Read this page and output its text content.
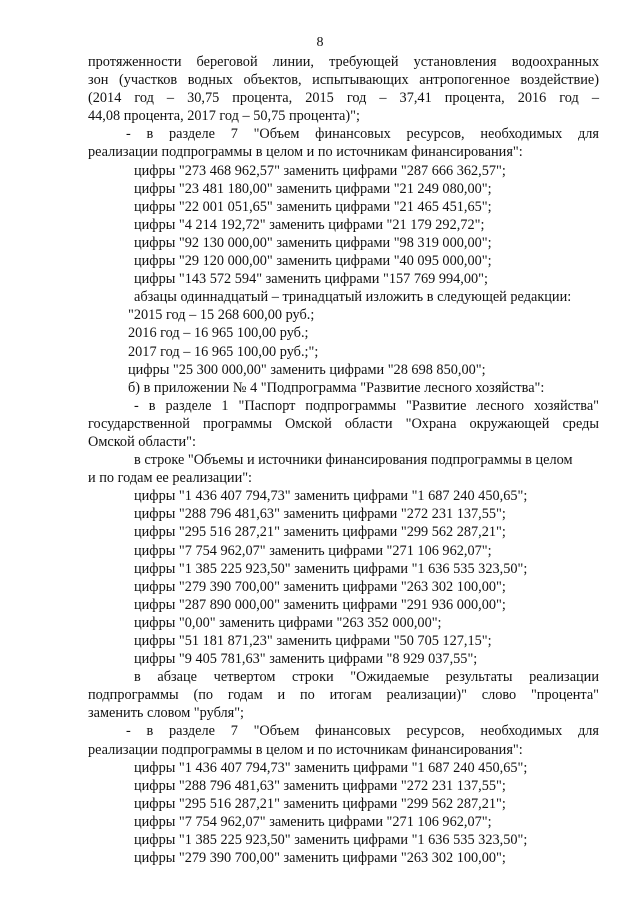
8
протяженности береговой линии, требующей установления водоохранных
зон (участков водных объектов, испытывающих антропогенное воздействие)
(2014 год – 30,75 процента, 2015 год – 37,41 процента, 2016 год –
44,08 процента, 2017 год – 50,75 процента)";
- в разделе 7 "Объем финансовых ресурсов, необходимых для
реализации подпрограммы в целом и по источникам финансирования":
цифры "273 468 962,57" заменить цифрами "287 666 362,57";
цифры "23 481 180,00" заменить цифрами "21 249 080,00";
цифры "22 001 051,65" заменить цифрами "21 465 451,65";
цифры "4 214 192,72" заменить цифрами "21 179 292,72";
цифры "92 130 000,00" заменить цифрами "98 319 000,00";
цифры "29 120 000,00" заменить цифрами "40 095 000,00";
цифры "143 572 594" заменить цифрами "157 769 994,00";
абзацы одиннадцатый – тринадцатый изложить в следующей редакции:
"2015 год – 15 268 600,00 руб.;
2016 год – 16 965 100,00 руб.;
2017 год – 16 965 100,00 руб.;";
цифры "25 300 000,00" заменить цифрами "28 698 850,00";
б) в приложении № 4 "Подпрограмма "Развитие лесного хозяйства":
- в разделе 1 "Паспорт подпрограммы "Развитие лесного хозяйства"
государственной программы Омской области "Охрана окружающей среды
Омской области":
в строке "Объемы и источники финансирования подпрограммы в целом
и по годам ее реализации":
цифры "1 436 407 794,73" заменить цифрами "1 687 240 450,65";
цифры "288 796 481,63" заменить цифрами "272 231 137,55";
цифры "295 516 287,21" заменить цифрами "299 562 287,21";
цифры "7 754 962,07" заменить цифрами "271 106 962,07";
цифры "1 385 225 923,50" заменить цифрами "1 636 535 323,50";
цифры "279 390 700,00" заменить цифрами "263 302 100,00";
цифры "287 890 000,00" заменить цифрами "291 936 000,00";
цифры "0,00" заменить цифрами "263 352 000,00";
цифры "51 181 871,23" заменить цифрами "50 705 127,15";
цифры "9 405 781,63" заменить цифрами "8 929 037,55";
в абзаце четвертом строки "Ожидаемые результаты реализации
подпрограммы (по годам и по итогам реализации)" слово "процента"
заменить словом "рубля";
- в разделе 7 "Объем финансовых ресурсов, необходимых для
реализации подпрограммы в целом и по источникам финансирования":
цифры "1 436 407 794,73" заменить цифрами "1 687 240 450,65";
цифры "288 796 481,63" заменить цифрами "272 231 137,55";
цифры "295 516 287,21" заменить цифрами "299 562 287,21";
цифры "7 754 962,07" заменить цифрами "271 106 962,07";
цифры "1 385 225 923,50" заменить цифрами "1 636 535 323,50";
цифры "279 390 700,00" заменить цифрами "263 302 100,00";
